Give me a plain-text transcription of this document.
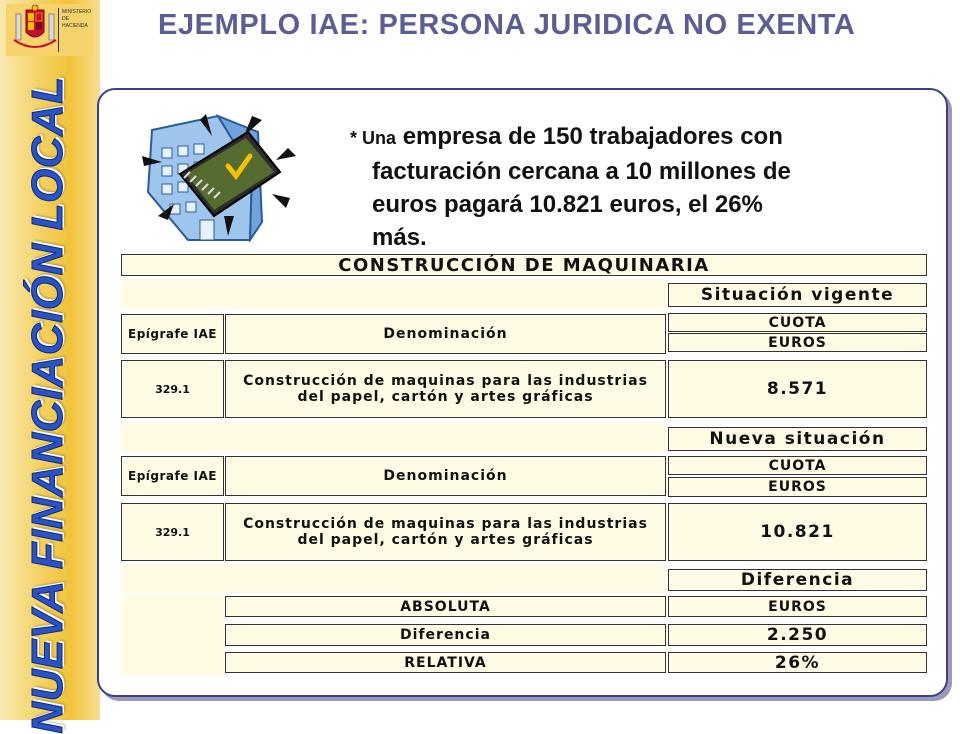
MINISTERIO
DE
HACIENDA
NUEVA FINANCIACIÓN LOCAL
EJEMPLO IAE: PERSONA JURIDICA NO EXENTA
* Una empresa de 150 trabajadores con
facturación cercana a 10 millones de
euros pagará 10.821 euros, el 26%
más.
CONSTRUCCIÓN DE MAQUINARIA
Situación vigente
Epígrafe IAE	Denominación
CUOTA
EUROS
329.1	Construcción de maquinas para las industrias del papel, cartón y artes gráficas	8.571
Nueva situación
Epígrafe IAE	Denominación
CUOTA
EUROS
329.1	Construcción de maquinas para las industrias del papel, cartón y artes gráficas	10.821
Diferencia
ABSOLUTA	EUROS
Diferencia	2.250
RELATIVA	26%
